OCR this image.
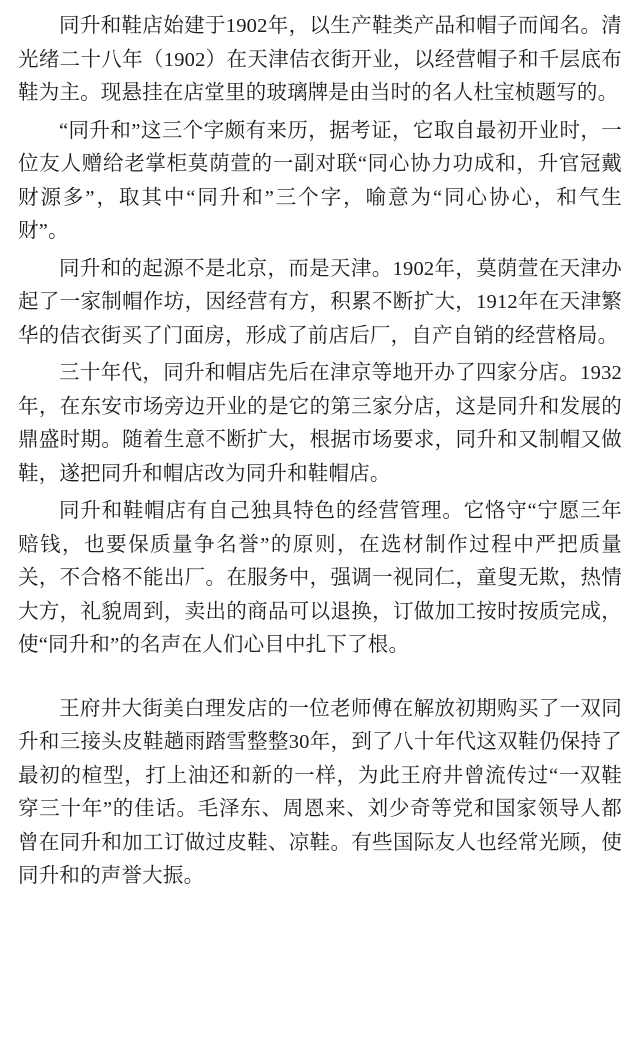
同升和鞋店始建于1902年，以生产鞋类产品和帽子而闻名。清光绪二十八年（1902）在天津佶衣街开业，以经营帽子和千层底布鞋为主。现悬挂在店堂里的玻璃牌是由当时的名人杜宝桢题写的。

“同升和”这三个字颇有来历，据考证，它取自最初开业时，一位友人赠给老掌柜莫荫萱的一副对联“同心协力功成和，升官冠戴财源多”，取其中“同升和”三个字，喻意为“同心协心，和气生财”。

同升和的起源不是北京，而是天津。1902年，莫荫萱在天津办起了一家制帽作坊，因经营有方，积累不断扩大，1912年在天津繁华的佶衣街买了门面房，形成了前店后厂，自产自销的经营格局。

三十年代，同升和帽店先后在津京等地开办了四家分店。1932年，在东安市场旁边开业的是它的第三家分店，这是同升和发展的鼎盛时期。随着生意不断扩大，根据市场要求，同升和又制帽又做鞋，遂把同升和帽店改为同升和鞋帽店。

同升和鞋帽店有自己独具特色的经营管理。它恪守“宁愿三年赔钱，也要保质量争名誉”的原则，在选材制作过程中严把质量关，不合格不能出厂。在服务中，强调一视同仁，童叟无欺，热情大方，礼貌周到，卖出的商品可以退换，订做加工按时按质完成，使“同升和”的名声在人们心目中扎下了根。

王府井大街美白理发店的一位老师傅在解放初期购买了一双同升和三接头皮鞋趟雨踏雪整整30年，到了八十年代这双鞋仍保持了最初的楦型，打上油还和新的一样，为此王府井曾流传过“一双鞋穿三十年”的佳话。毛泽东、周恩来、刘少奇等党和国家领导人都曾在同升和加工订做过皮鞋、凉鞋。有些国际友人也经常光顾，使同升和的声誉大振。
